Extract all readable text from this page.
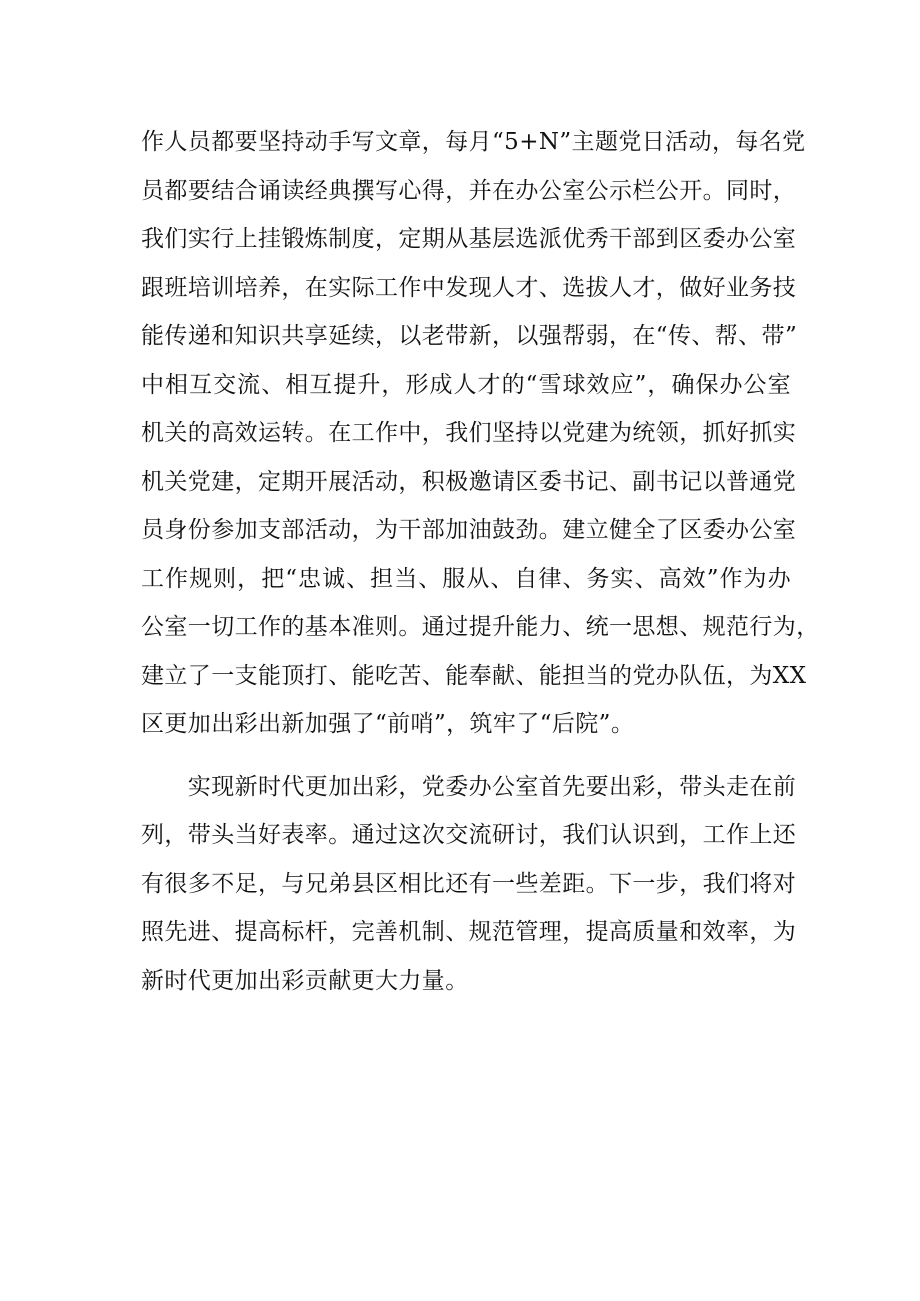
作人员都要坚持动手写文章，每月“5+N”主题党日活动，每名党
员都要结合诵读经典撰写心得，并在办公室公示栏公开。同时，
我们实行上挂锻炼制度，定期从基层选派优秀干部到区委办公室
跟班培训培养，在实际工作中发现人才、选拔人才，做好业务技
能传递和知识共享延续，以老带新，以强帮弱，在“传、帮、带”
中相互交流、相互提升，形成人才的“雪球效应”，确保办公室
机关的高效运转。在工作中，我们坚持以党建为统领，抓好抓实
机关党建，定期开展活动，积极邀请区委书记、副书记以普通党
员身份参加支部活动，为干部加油鼓劲。建立健全了区委办公室
工作规则，把“忠诚、担当、服从、自律、务实、高效”作为办
公室一切工作的基本准则。通过提升能力、统一思想、规范行为，
建立了一支能顶打、能吃苦、能奉献、能担当的党办队伍，为XX
区更加出彩出新加强了“前哨”，筑牢了“后院”。
　　实现新时代更加出彩，党委办公室首先要出彩，带头走在前
列，带头当好表率。通过这次交流研讨，我们认识到，工作上还
有很多不足，与兄弟县区相比还有一些差距。下一步，我们将对
照先进、提高标杆，完善机制、规范管理，提高质量和效率，为
新时代更加出彩贡献更大力量。
